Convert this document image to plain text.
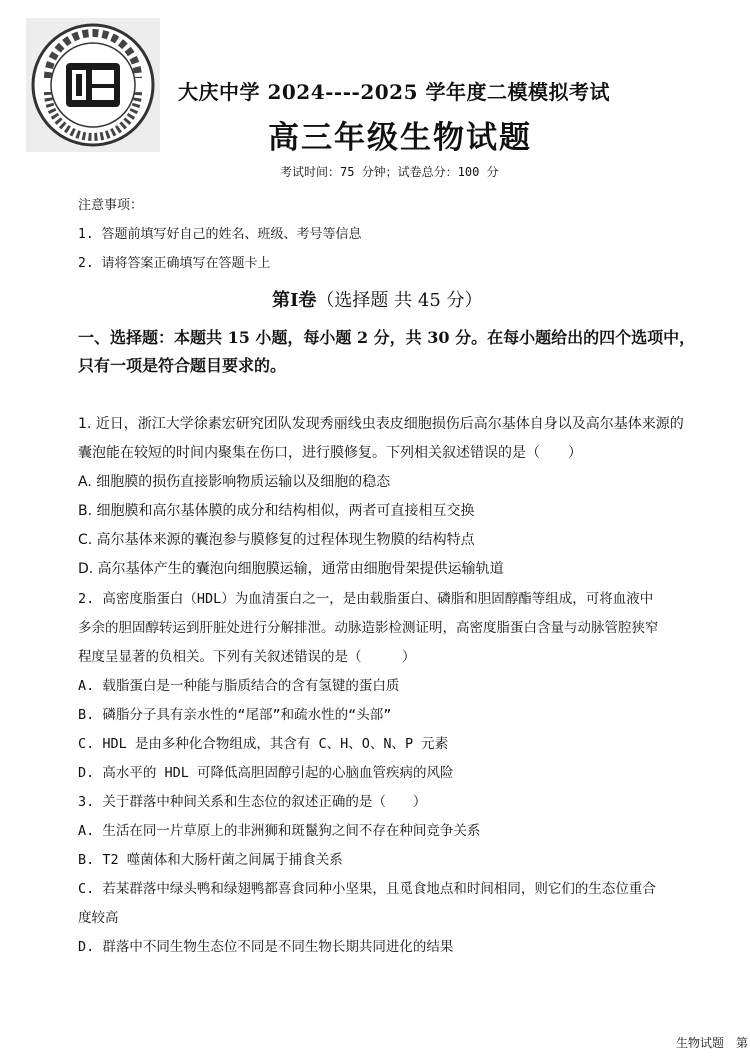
大庆中学 2024----2025 学年度二模模拟考试
高三年级生物试题
考试时间：75 分钟；试卷总分：100 分
注意事项：
1. 答题前填写好自己的姓名、班级、考号等信息
2. 请将答案正确填写在答题卡上
第I卷（选择题 共 45 分）
一、选择题：本题共 15 小题，每小题 2 分，共 30 分。在每小题给出的四个选项中，
只有一项是符合题目要求的。
1. 近日，浙江大学徐素宏研究团队发现秀丽线虫表皮细胞损伤后高尔基体自身以及高尔基体来源的
囊泡能在较短的时间内聚集在伤口，进行膜修复。下列相关叙述错误的是（　　）
A. 细胞膜的损伤直接影响物质运输以及细胞的稳态
B. 细胞膜和高尔基体膜的成分和结构相似，两者可直接相互交换
C. 高尔基体来源的囊泡参与膜修复的过程体现生物膜的结构特点
D. 高尔基体产生的囊泡向细胞膜运输，通常由细胞骨架提供运输轨道
2. 高密度脂蛋白（HDL）为血清蛋白之一，是由载脂蛋白、磷脂和胆固醇酯等组成，可将血液中
多余的胆固醇转运到肝脏处进行分解排泄。动脉造影检测证明，高密度脂蛋白含量与动脉管腔狭窄
程度呈显著的负相关。下列有关叙述错误的是（　　　）
A. 载脂蛋白是一种能与脂质结合的含有氢键的蛋白质
B. 磷脂分子具有亲水性的“尾部”和疏水性的“头部”
C. HDL 是由多种化合物组成，其含有 C、H、O、N、P 元素
D. 高水平的 HDL 可降低高胆固醇引起的心脑血管疾病的风险
3. 关于群落中种间关系和生态位的叙述正确的是（　　）
A. 生活在同一片草原上的非洲狮和斑鬣狗之间不存在种间竞争关系
B. T2 噬菌体和大肠杆菌之间属于捕食关系
C. 若某群落中绿头鸭和绿翅鸭都喜食同种小坚果，且觅食地点和时间相同，则它们的生态位重合
度较高
D. 群落中不同生物生态位不同是不同生物长期共同进化的结果
生物试题　第
